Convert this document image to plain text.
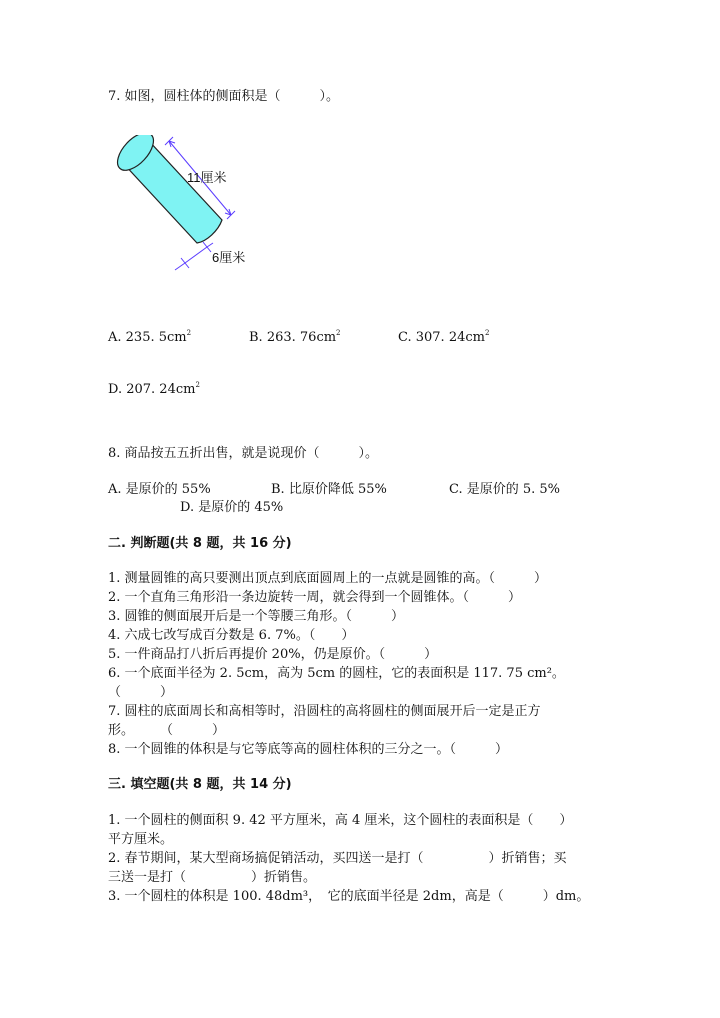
7. 如图，圆柱体的侧面积是（　　　）。
11厘米
6厘米
A. 235. $5cm^2$	B. 263. $76cm^2$	C. 307. $24cm^2$
D. 207. $24cm^2$
8. 商品按五五折出售，就是说现价（　　　）。
A. 是原价的 55%	B. 比原价降低 55%	C. 是原价的 5. 5%
D. 是原价的 45%
二. 判断题(共 8 题，共 16 分)
1. 测量圆锥的高只要测出顶点到底面圆周上的一点就是圆锥的高。（　　　）
2. 一个直角三角形沿一条边旋转一周，就会得到一个圆锥体。（　　　）
3. 圆锥的侧面展开后是一个等腰三角形。（　　　）
4. 六成七改写成百分数是 6. 7%。（　　）
5. 一件商品打八折后再提价 20%，仍是原价。（　　　）
6. 一个底面半径为 2. 5cm，高为 5cm 的圆柱，它的表面积是 117. 75 cm²。
（　　　）
7. 圆柱的底面周长和高相等时，沿圆柱的高将圆柱的侧面展开后一定是正方
形。　　　（　　　）
8. 一个圆锥的体积是与它等底等高的圆柱体积的三分之一。（　　　）
三. 填空题(共 8 题，共 14 分)
1. 一个圆柱的侧面积 9. 42 平方厘米，高 4 厘米，这个圆柱的表面积是（　　）
平方厘米。
2. 春节期间，某大型商场搞促销活动，买四送一是打（　　　　　）折销售；买
三送一是打（　　　　　）折销售。
3. 一个圆柱的体积是 100. 48dm³，　它的底面半径是 2dm，高是（　　　）dm。
